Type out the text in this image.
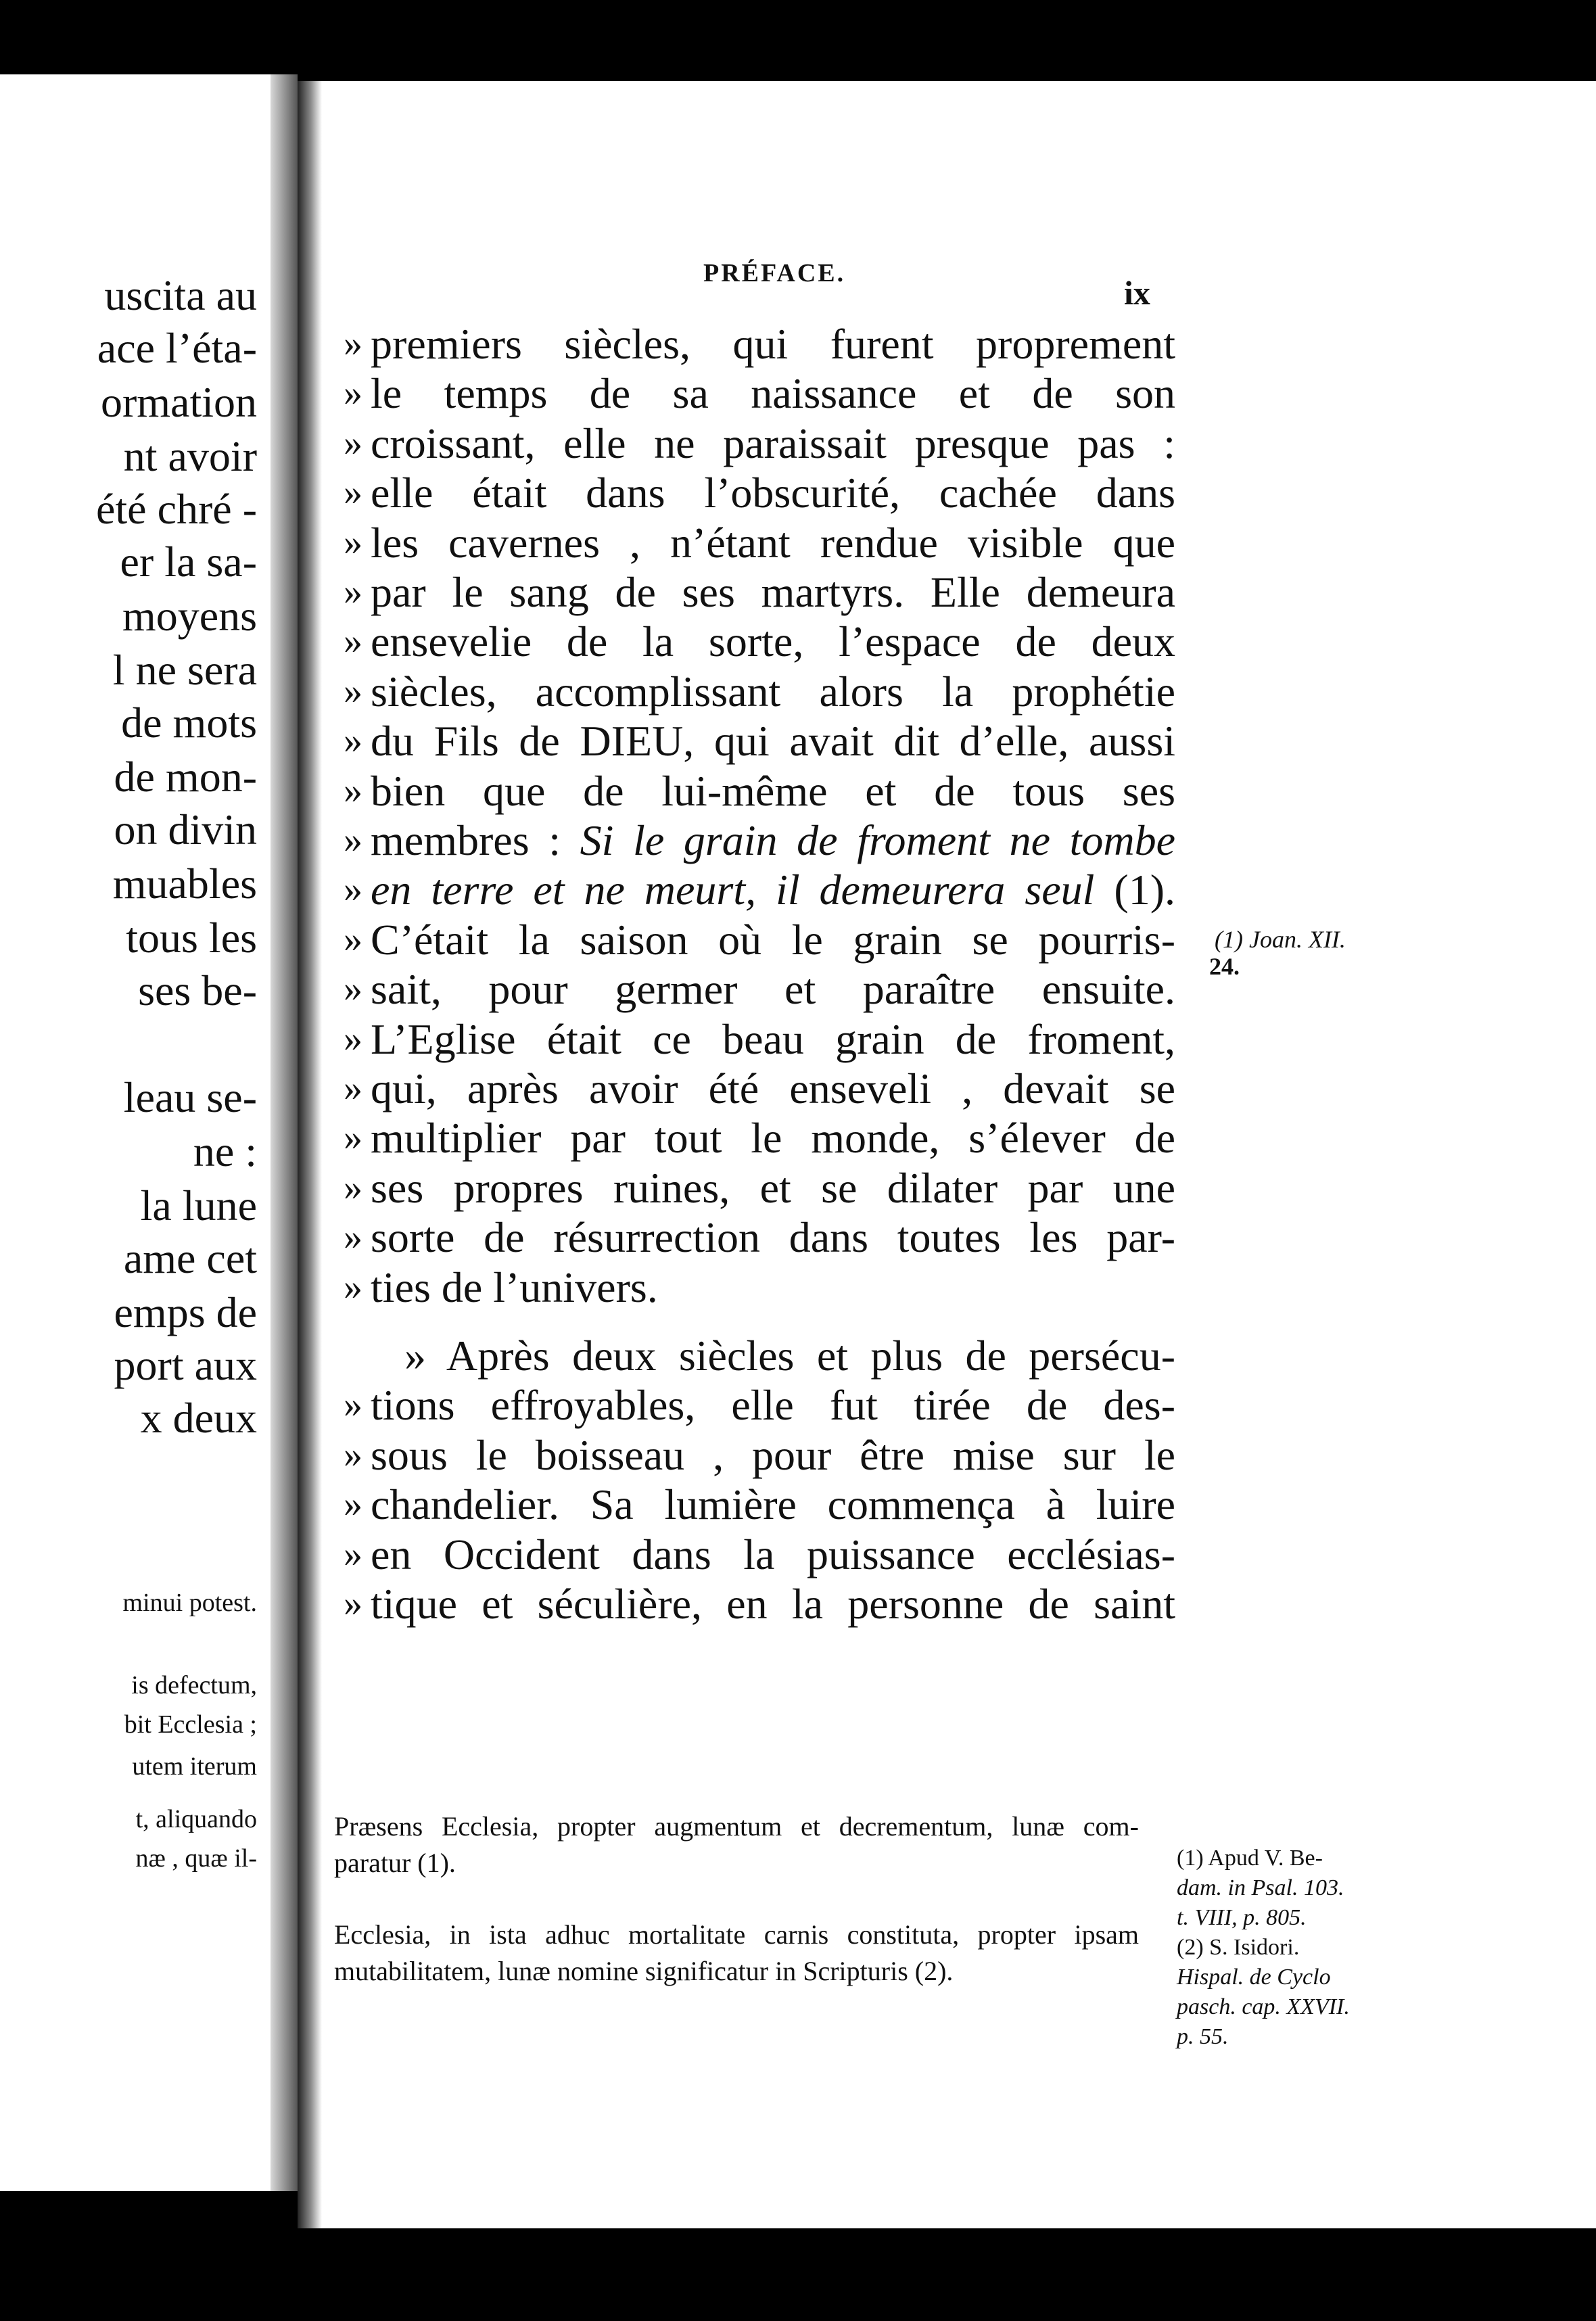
uscita au
ace l’éta-
ormation
nt avoir
été chré -
er la sa-
moyens
l ne sera
de mots
de mon-
on divin
muables
tous les
ses be-
leau se-
ne :
la lune
ame cet
emps de
port aux
x deux
minui potest.
is defectum,
bit Ecclesia ;
utem iterum
t, aliquando
næ , quæ il-
PRÉFACE.
ix
» premiers siècles, qui furent proprement
» le temps de sa naissance et de son
» croissant, elle ne paraissait presque pas :
» elle était dans l’obscurité, cachée dans
» les cavernes , n’étant rendue visible que
» par le sang de ses martyrs. Elle demeura
» ensevelie de la sorte, l’espace de deux
» siècles, accomplissant alors la prophétie
» du Fils de DIEU, qui avait dit d’elle, aussi
» bien que de lui-même et de tous ses
» membres : Si le grain de froment ne tombe
» en terre et ne meurt, il demeurera seul (1).
» C’était la saison où le grain se pourris-
» sait, pour germer et paraître ensuite.
» L’Eglise était ce beau grain de froment,
» qui, après avoir été enseveli , devait se
» multiplier par tout le monde, s’élever de
» ses propres ruines, et se dilater par une
» sorte de résurrection dans toutes les par-
» ties de l’univers.
» Après deux siècles et plus de persécu-
» tions effroyables, elle fut tirée de des-
» sous le boisseau , pour être mise sur le
» chandelier. Sa lumière commença à luire
» en Occident dans la puissance ecclésias-
» tique et séculière, en la personne de saint
(1) Joan. XII.
24.
Præsens Ecclesia, propter augmentum et decrementum, lunæ com-
paratur (1).
Ecclesia, in ista adhuc mortalitate carnis constituta, propter ipsam
mutabilitatem, lunæ nomine significatur in Scripturis (2).
(1) Apud V. Be-
dam. in Psal. 103.
t. VIII, p. 805.
(2) S. Isidori.
Hispal. de Cyclo
pasch. cap. XXVII.
p. 55.
